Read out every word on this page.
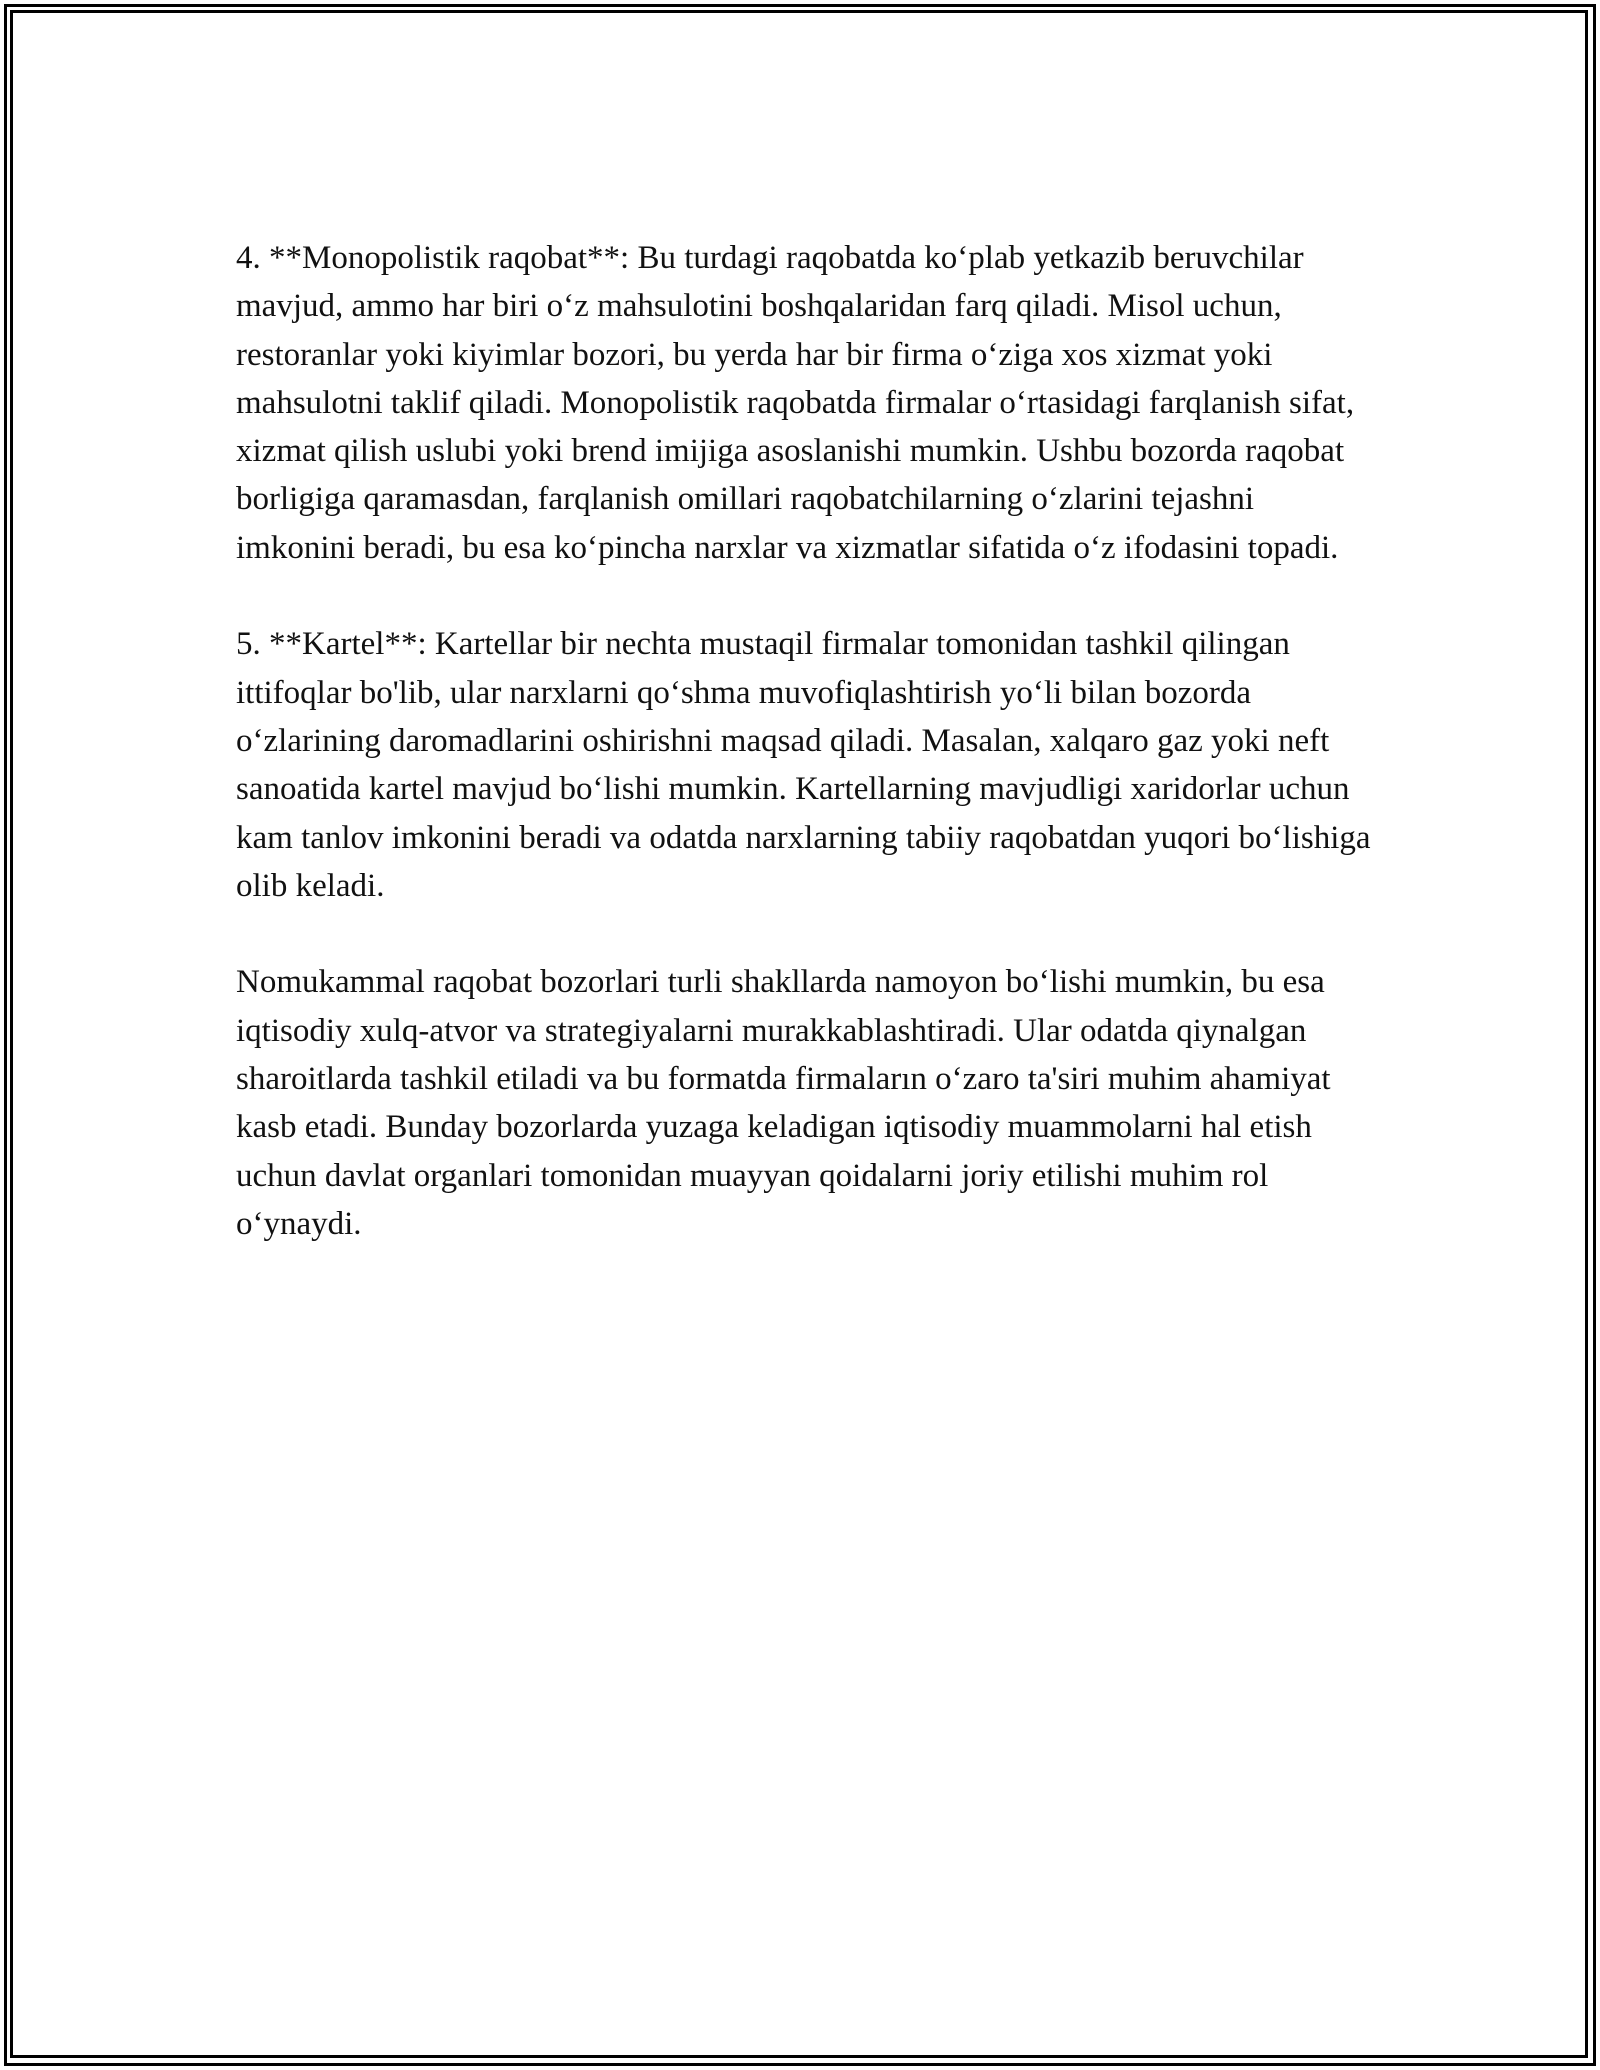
4. **Monopolistik raqobat**: Bu turdagi raqobatda ko‘plab yetkazib beruvchilar mavjud, ammo har biri o‘z mahsulotini boshqalaridan farq qiladi. Misol uchun, restoranlar yoki kiyimlar bozori, bu yerda har bir firma o‘ziga xos xizmat yoki mahsulotni taklif qiladi. Monopolistik raqobatda firmalar o‘rtasidagi farqlanish sifat, xizmat qilish uslubi yoki brend imijiga asoslanishi mumkin. Ushbu bozorda raqobat borligiga qaramasdan, farqlanish omillari raqobatchilarning o‘zlarini tejashni imkonini beradi, bu esa ko‘pincha narxlar va xizmatlar sifatida o‘z ifodasini topadi.

5. **Kartel**: Kartellar bir nechta mustaqil firmalar tomonidan tashkil qilingan ittifoqlar bo'lib, ular narxlarni qo‘shma muvofiqlashtirish yo‘li bilan bozorda o‘zlarining daromadlarini oshirishni maqsad qiladi. Masalan, xalqaro gaz yoki neft sanoatida kartel mavjud bo‘lishi mumkin. Kartellarning mavjudligi xaridorlar uchun kam tanlov imkonini beradi va odatda narxlarning tabiiy raqobatdan yuqori bo‘lishiga olib keladi.

Nomukammal raqobat bozorlari turli shakllarda namoyon bo‘lishi mumkin, bu esa iqtisodiy xulq-atvor va strategiyalarni murakkablashtiradi. Ular odatda qiynalgan sharoitlarda tashkil etiladi va bu formatda firmaların o‘zaro ta'siri muhim ahamiyat kasb etadi. Bunday bozorlarda yuzaga keladigan iqtisodiy muammolarni hal etish uchun davlat organlari tomonidan muayyan qoidalarni joriy etilishi muhim rol o‘ynaydi.
